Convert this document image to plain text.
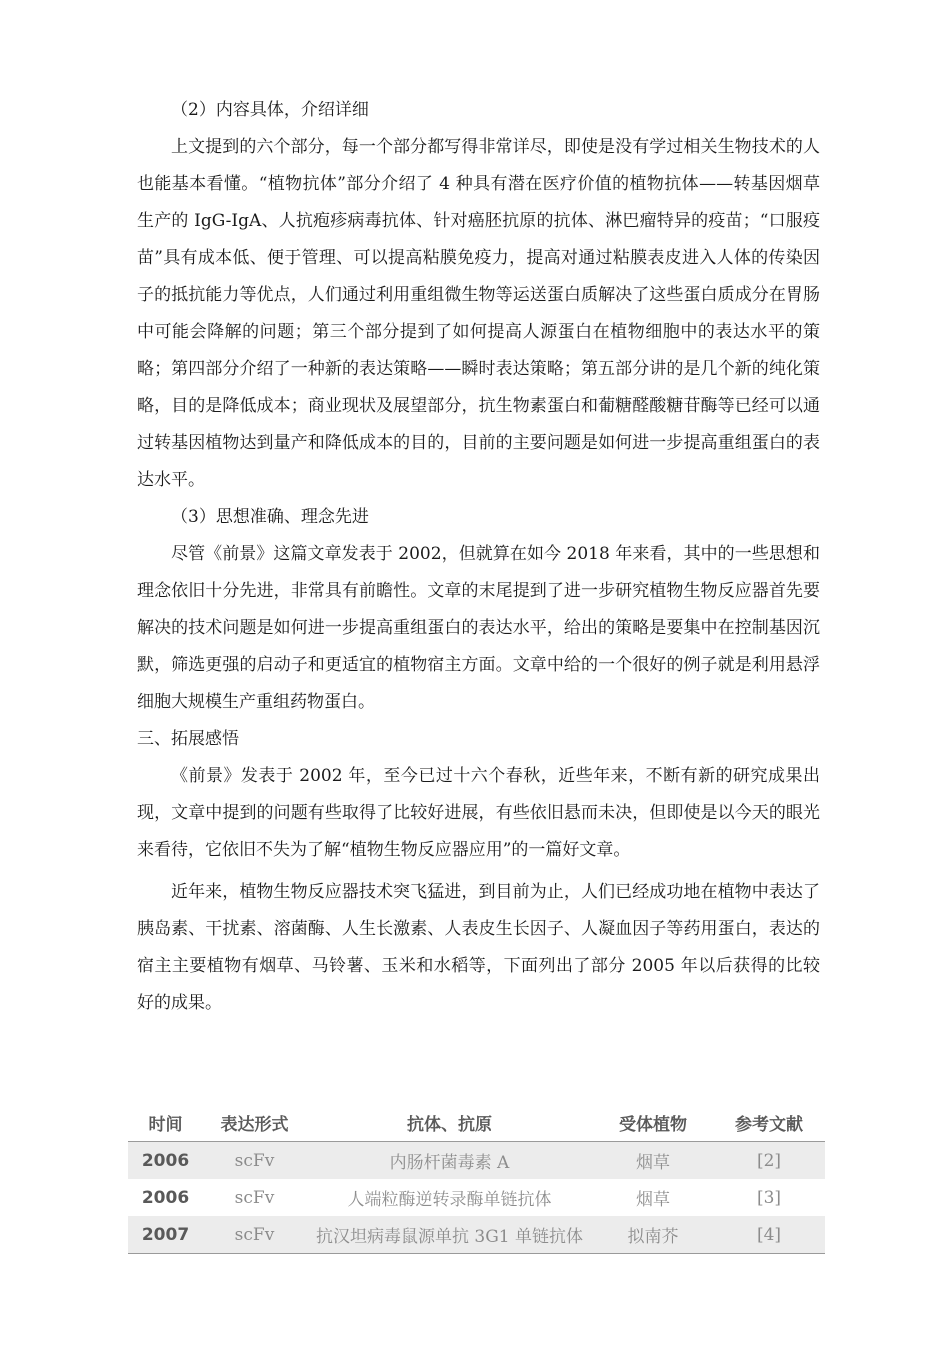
（2）内容具体，介绍详细

上文提到的六个部分，每一个部分都写得非常详尽，即使是没有学过相关生物技术的人也能基本看懂。“植物抗体”部分介绍了 4 种具有潜在医疗价值的植物抗体——转基因烟草生产的 IgG-IgA、人抗疱疹病毒抗体、针对癌胚抗原的抗体、淋巴瘤特异的疫苗；“口服疫苗”具有成本低、便于管理、可以提高粘膜免疫力，提高对通过粘膜表皮进入人体的传染因子的抵抗能力等优点，人们通过利用重组微生物等运送蛋白质解决了这些蛋白质成分在胃肠中可能会降解的问题；第三个部分提到了如何提高人源蛋白在植物细胞中的表达水平的策略；第四部分介绍了一种新的表达策略——瞬时表达策略；第五部分讲的是几个新的纯化策略，目的是降低成本；商业现状及展望部分，抗生物素蛋白和葡糖醛酸糖苷酶等已经可以通过转基因植物达到量产和降低成本的目的，目前的主要问题是如何进一步提高重组蛋白的表达水平。

（3）思想准确、理念先进

尽管《前景》这篇文章发表于 2002，但就算在如今 2018 年来看，其中的一些思想和理念依旧十分先进，非常具有前瞻性。文章的末尾提到了进一步研究植物生物反应器首先要解决的技术问题是如何进一步提高重组蛋白的表达水平，给出的策略是要集中在控制基因沉默，筛选更强的启动子和更适宜的植物宿主方面。文章中给的一个很好的例子就是利用悬浮细胞大规模生产重组药物蛋白。

三、拓展感悟

《前景》发表于 2002 年，至今已过十六个春秋，近些年来，不断有新的研究成果出现，文章中提到的问题有些取得了比较好进展，有些依旧悬而未决，但即使是以今天的眼光来看待，它依旧不失为了解“植物生物反应器应用”的一篇好文章。

近年来，植物生物反应器技术突飞猛进，到目前为止，人们已经成功地在植物中表达了胰岛素、干扰素、溶菌酶、人生长激素、人表皮生长因子、人凝血因子等药用蛋白，表达的宿主主要植物有烟草、马铃薯、玉米和水稻等，下面列出了部分 2005 年以后获得的比较好的成果。

时间	表达形式	抗体、抗原	受体植物	参考文献
2006	scFv	内肠杆菌毒素 A	烟草	[2]
2006	scFv	人端粒酶逆转录酶单链抗体	烟草	[3]
2007	scFv	抗汉坦病毒鼠源单抗 3G1 单链抗体	拟南芥	[4]
